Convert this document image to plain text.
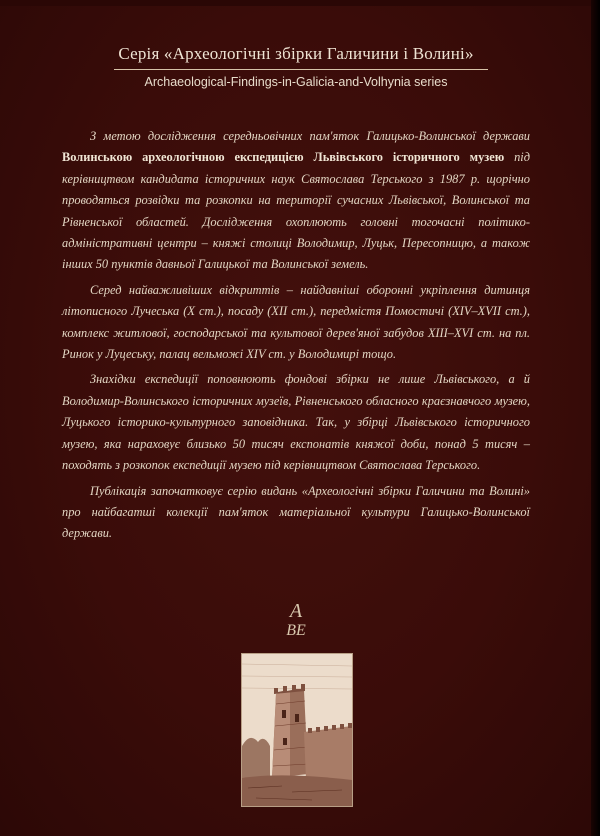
Серія «Археологічні збірки Галичини і Волині»
Archaeological-Findings-in-Galicia-and-Volhynia series

З метою дослідження середньовічних пам'яток Галицько-Волинської держави Волинською археологічною експедицією Львівського історичного музею під керівництвом кандидата історичних наук Святослава Терського з 1987 р. щорічно проводяться розвідки та розкопки на території сучасних Львівської, Волинської та Рівненської областей. Дослідження охоплюють головні тогочасні політико-адміністративні центри – княжі столиці Володимир, Луцьк, Пересопницю, а також інших 50 пунктів давньої Галицької та Волинської земель.

Серед найважливіших відкриттів – найдавніші оборонні укріплення дитинця літописного Лучеська (X ст.), посаду (XII ст.), передмістя Помостичі (XIV–XVII ст.), комплекс житлової, господарської та культової дерев'яної забудов XIII–XVI ст. на пл. Ринок у Луцеську, палац вельможі XIV ст. у Володимирі тощо.

Знахідки експедиції поповнюють фондові збірки не лише Львівського, а й Володимир-Волинського історичних музеїв, Рівненського обласного краєзнавчого музею, Луцького історико-культурного заповідника. Так, у збірці Львівського історичного музею, яка нараховує близько 50 тисяч експонатів княжої доби, понад 5 тисяч – походять з розкопок експедиції музею під керівництвом Святослава Терського.

Публікація започатковує серію видань «Археологічні збірки Галичини та Волині» про найбагатші колекції пам'яток матеріальної культури Галицько-Волинської держави.

A
ВЕ
